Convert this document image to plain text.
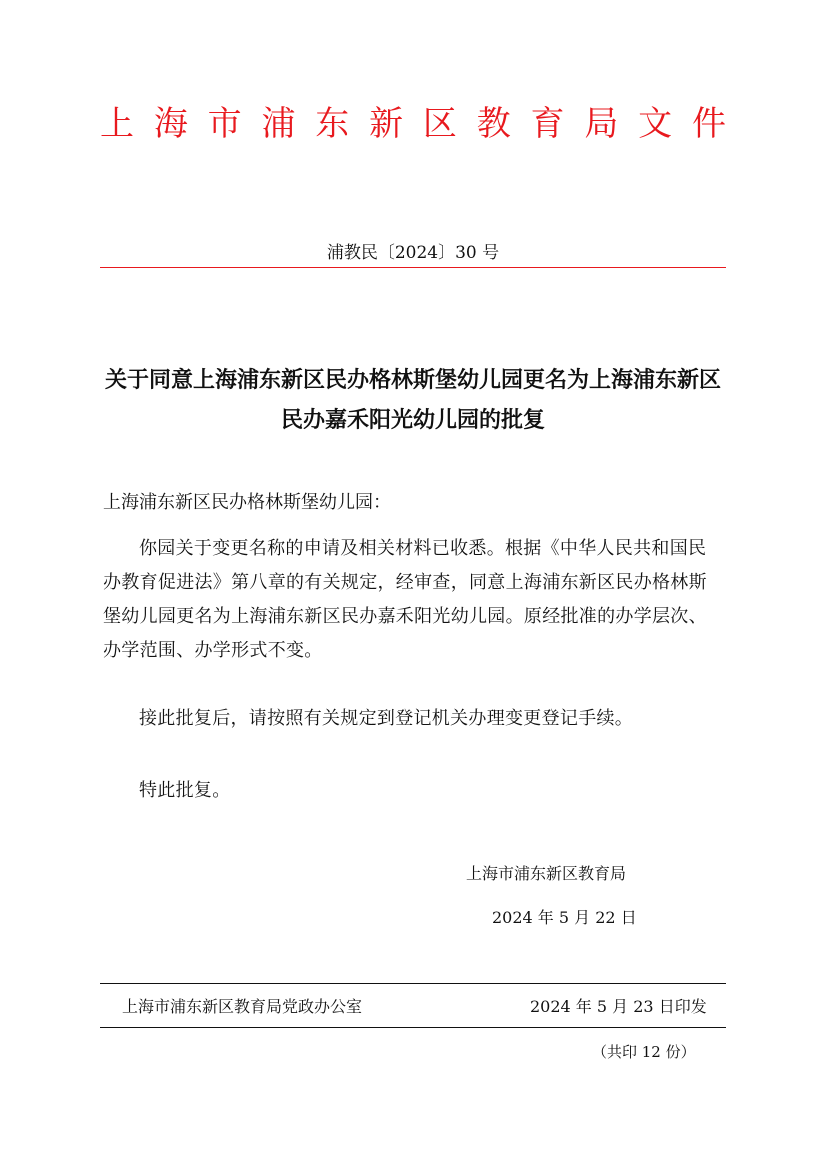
上 海 市 浦 东 新 区 教 育 局 文 件
浦教民〔2024〕30 号
关于同意上海浦东新区民办格林斯堡幼儿园更名为上海浦东新区民办嘉禾阳光幼儿园的批复
上海浦东新区民办格林斯堡幼儿园：
你园关于变更名称的申请及相关材料已收悉。根据《中华人民共和国民办教育促进法》第八章的有关规定，经审查，同意上海浦东新区民办格林斯堡幼儿园更名为上海浦东新区民办嘉禾阳光幼儿园。原经批准的办学层次、办学范围、办学形式不变。
接此批复后，请按照有关规定到登记机关办理变更登记手续。
特此批复。
上海市浦东新区教育局
2024 年 5 月 22 日
上海市浦东新区教育局党政办公室	2024 年 5 月 23 日印发
（共印 12 份）
